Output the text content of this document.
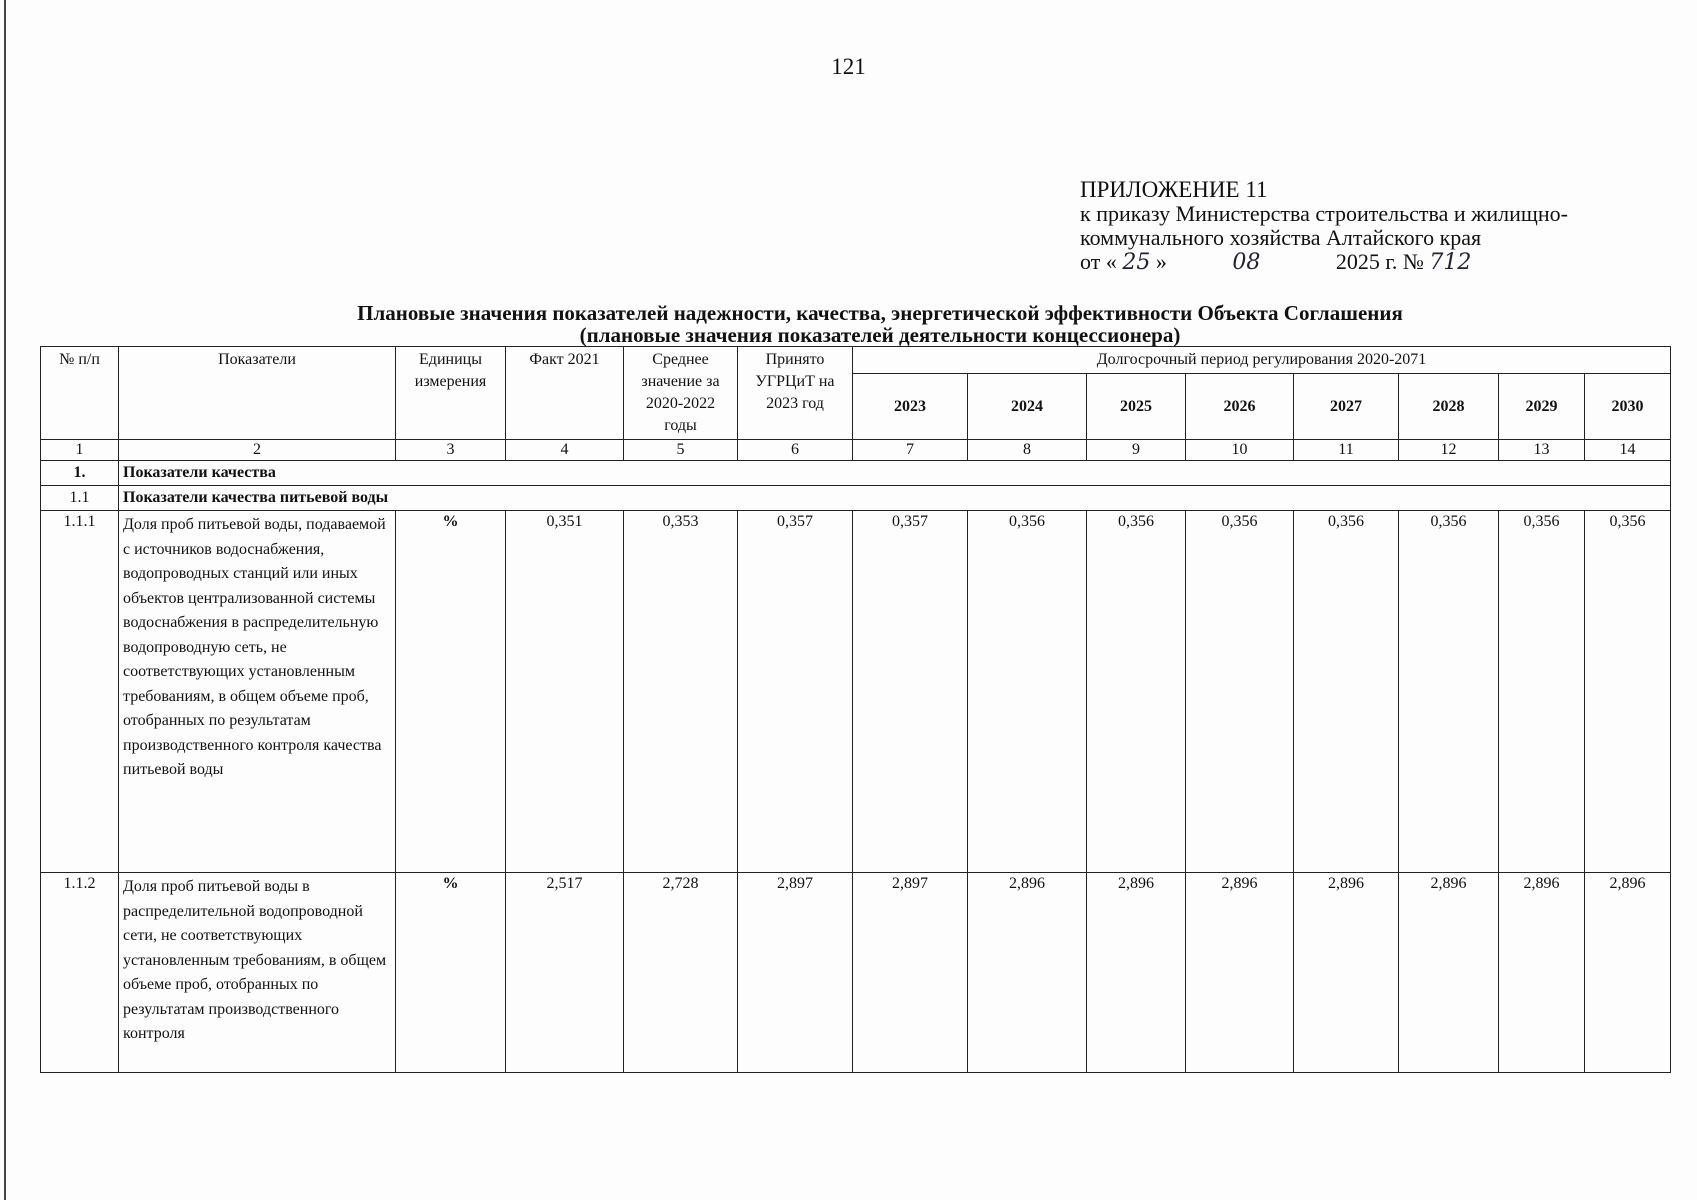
121
ПРИЛОЖЕНИЕ 11
к приказу Министерства строительства и жилищно-
коммунального хозяйства Алтайского края
от « 25 »	08	2025 г. № 712
Плановые значения показателей надежности, качества, энергетической эффективности Объекта Соглашения
(плановые значения показателей деятельности концессионера)
№ п/п	Показатели	Единицы измерения	Факт 2021	Среднее значение за 2020-2022 годы	Принято УГРЦиТ на 2023 год	Долгосрочный период регулирования 2020-2071							
						2023	2024	2025	2026	2027	2028	2029	2030
1	2	3	4	5	6	7	8	9	10	11	12	13	14
1.	Показатели качества												
1.1	Показатели качества питьевой воды												
1.1.1	Доля проб питьевой воды, подаваемой с источников водоснабжения, водопроводных станций или иных объектов централизованной системы водоснабжения в распределительную водопроводную сеть, не соответствующих установленным требованиям, в общем объеме проб, отобранных по результатам производственного контроля качества питьевой воды	%	0,351	0,353	0,357	0,357	0,356	0,356	0,356	0,356	0,356	0,356	0,356
1.1.2	Доля проб питьевой воды в распределительной водопроводной сети, не соответствующих установленным требованиям, в общем объеме проб, отобранных по результатам производственного контроля	%	2,517	2,728	2,897	2,897	2,896	2,896	2,896	2,896	2,896	2,896	2,896
